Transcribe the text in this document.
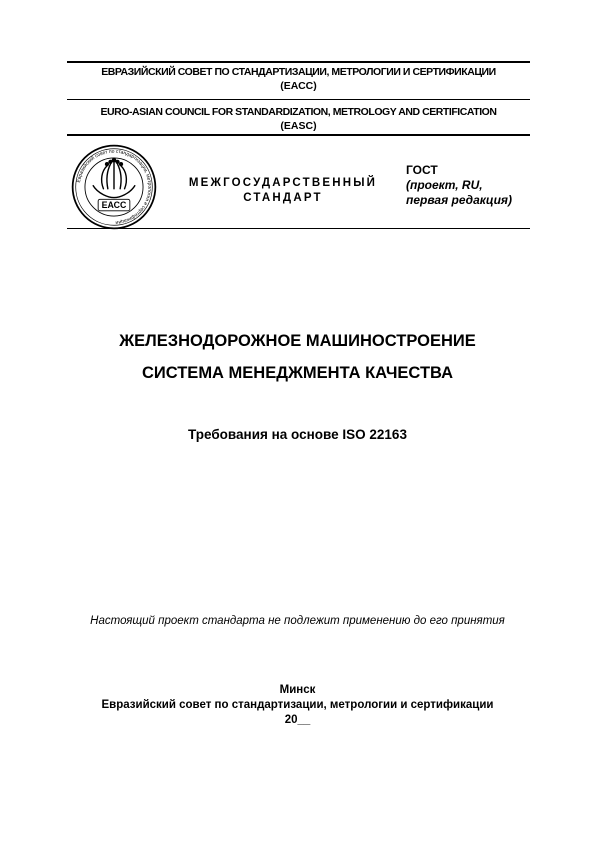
ЕВРАЗИЙСКИЙ СОВЕТ ПО СТАНДАРТИЗАЦИИ, МЕТРОЛОГИИ И СЕРТИФИКАЦИИ
(ЕАСС)
EURO-ASIAN COUNCIL FOR STANDARDIZATION, METROLOGY AND CERTIFICATION
(EASC)
Евразийский совет по стандартизации, метрологии и сертификации
ЕАСС
МЕЖГОСУДАРСТВЕННЫЙ
СТАНДАРТ
ГОСТ
(проект, RU,
первая редакция)
ЖЕЛЕЗНОДОРОЖНОЕ МАШИНОСТРОЕНИЕ
СИСТЕМА МЕНЕДЖМЕНТА КАЧЕСТВА
Требования на основе ISO 22163
Настоящий проект стандарта не подлежит применению до его принятия
Минск
Евразийский совет по стандартизации, метрологии и сертификации
20__
